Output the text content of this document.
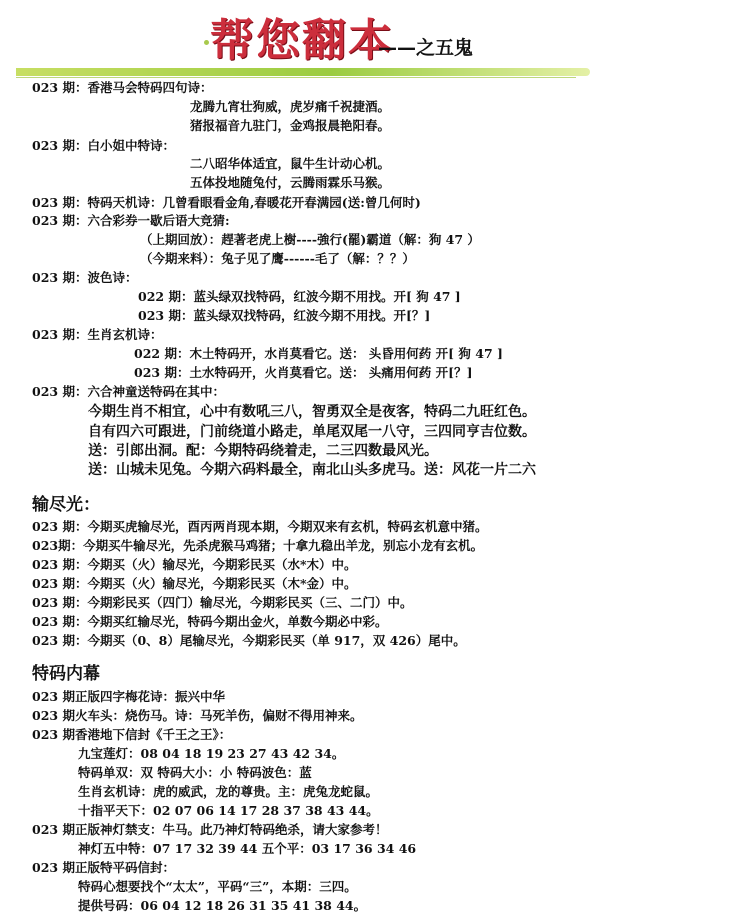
帮您翻本
——之五鬼
023 期：香港马会特码四句诗：
龙腾九宵壮狗威，虎岁痛千祝捷酒。
猪报福音九驻门，金鸡报晨艳阳春。
023 期：白小姐中特诗：
二八昭华体适宜，鼠牛生计动心机。
五体投地随兔付，云腾雨霖乐马猴。
023 期：特码天机诗：几曾看眼看金角,春暖花开春满园(送:曾几何时)
023 期：六合彩券一歇后语大竞猜:
（上期回放）：趕著老虎上樹----強行(罷)霸道（解：狗 47 ）
（今期来料）：兔子见了鹰------毛了（解：？？）
023 期：波色诗：
022 期：蓝头绿双找特码，红波今期不用找。开[ 狗 47 ]
023 期：蓝头绿双找特码，红波今期不用找。开[？]
023 期：生肖玄机诗：
022 期：木土特码开，水肖莫看它。送： 头昏用何药 开[ 狗 47 ]
023 期：土水特码开，火肖莫看它。送： 头痛用何药 开[？]
023 期：六合神童送特码在其中：
今期生肖不相宜，心中有数吼三八，智勇双全是夜客，特码二九旺红色。
自有四六可跟进，门前绕道小路走，单尾双尾一八守，三四同亨吉位数。
送：引郎出洞。配：今期特码绕着走，二三四数最风光。
送：山城未见兔。今期六码料最全，南北山头多虎马。送：风花一片二六
输尽光：
023 期：今期买虎输尽光，酉丙两肖现本期，今期双来有玄机，特码玄机意中猪。
023期：今期买牛输尽光，先杀虎猴马鸡猪；十拿九稳出羊龙，别忘小龙有玄机。
023 期：今期买（火）输尽光，今期彩民买（水*木）中。
023 期：今期买（火）输尽光，今期彩民买（木*金）中。
023 期：今期彩民买（四门）输尽光，今期彩民买（三、二门）中。
023 期：今期买红输尽光，特码今期出金火，单数今期必中彩。
023 期：今期买（0、8）尾输尽光，今期彩民买（单 917，双 426）尾中。
特码内幕
023 期正版四字梅花诗：振兴中华
023 期火车头：烧伤马。诗：马死羊伤，偏财不得用神来。
023 期香港地下信封《千王之王》：
九宝莲灯：08 04 18 19 23 27 43 42 34。
特码单双：双 特码大小：小 特码波色：蓝
生肖玄机诗：虎的威武，龙的尊贵。主：虎兔龙蛇鼠。
十指平天下：02 07 06 14 17 28 37 38 43 44。
023 期正版神灯禁支：牛马。此乃神灯特码绝杀，请大家参考！
神灯五中特：07 17 32 39 44 五个平：03 17 36 34 46
023 期正版特平码信封：
特码心想要找个“太太”，平码“三”，本期：三四。
提供号码：06 04 12 18 26 31 35 41 38 44。
